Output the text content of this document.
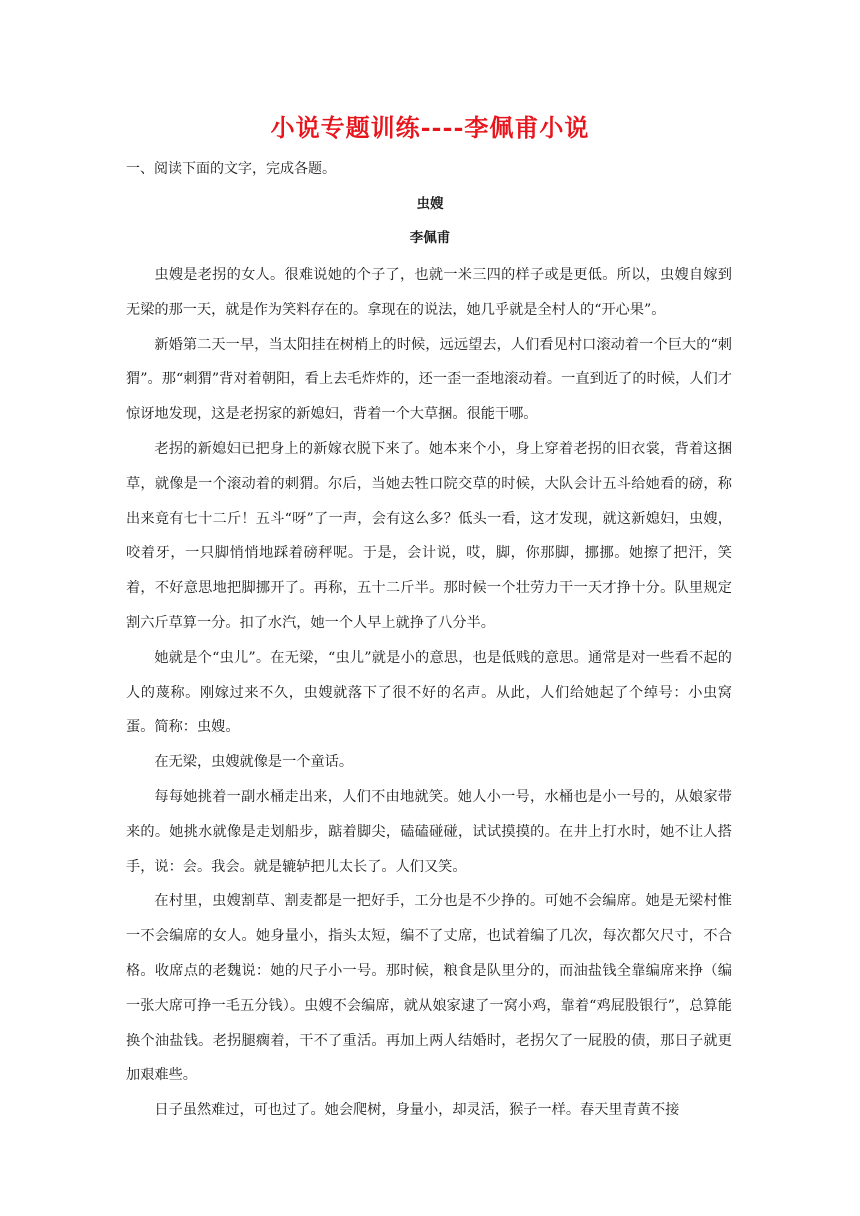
小说专题训练----李佩甫小说
一、阅读下面的文字，完成各题。
虫嫂
李佩甫

虫嫂是老拐的女人。很难说她的个子了，也就一米三四的样子或是更低。所以，虫嫂自嫁到无梁的那一天，就是作为笑料存在的。拿现在的说法，她几乎就是全村人的“开心果”。

新婚第二天一早，当太阳挂在树梢上的时候，远远望去，人们看见村口滚动着一个巨大的“刺猬”。那“刺猬”背对着朝阳，看上去毛炸炸的，还一歪一歪地滚动着。一直到近了的时候，人们才惊讶地发现，这是老拐家的新媳妇，背着一个大草捆。很能干哪。

老拐的新媳妇已把身上的新嫁衣脱下来了。她本来个小，身上穿着老拐的旧衣裳，背着这捆草，就像是一个滚动着的刺猬。尔后，当她去牲口院交草的时候，大队会计五斗给她看的磅，称出来竟有七十二斤！五斗“呀”了一声，会有这么多？低头一看，这才发现，就这新媳妇，虫嫂，咬着牙，一只脚悄悄地踩着磅秤呢。于是，会计说，哎，脚，你那脚，挪挪。她擦了把汗，笑着，不好意思地把脚挪开了。再称，五十二斤半。那时候一个壮劳力干一天才挣十分。队里规定割六斤草算一分。扣了水汽，她一个人早上就挣了八分半。

她就是个“虫儿”。在无梁，“虫儿”就是小的意思，也是低贱的意思。通常是对一些看不起的人的蔑称。刚嫁过来不久，虫嫂就落下了很不好的名声。从此，人们给她起了个绰号：小虫窝蛋。简称：虫嫂。

在无梁，虫嫂就像是一个童话。

每每她挑着一副水桶走出来，人们不由地就笑。她人小一号，水桶也是小一号的，从娘家带来的。她挑水就像是走划船步，踮着脚尖，磕磕碰碰，试试摸摸的。在井上打水时，她不让人搭手，说：会。我会。就是辘轳把儿太长了。人们又笑。

在村里，虫嫂割草、割麦都是一把好手，工分也是不少挣的。可她不会编席。她是无梁村惟一不会编席的女人。她身量小，指头太短，编不了丈席，也试着编了几次，每次都欠尺寸，不合格。收席点的老魏说：她的尺子小一号。那时候，粮食是队里分的，而油盐钱全靠编席来挣（编一张大席可挣一毛五分钱）。虫嫂不会编席，就从娘家逮了一窝小鸡，靠着“鸡屁股银行”，总算能换个油盐钱。老拐腿瘸着，干不了重活。再加上两人结婚时，老拐欠了一屁股的债，那日子就更加艰难些。

日子虽然难过，可也过了。她会爬树，身量小，却灵活，猴子一样。春天里青黄不接
